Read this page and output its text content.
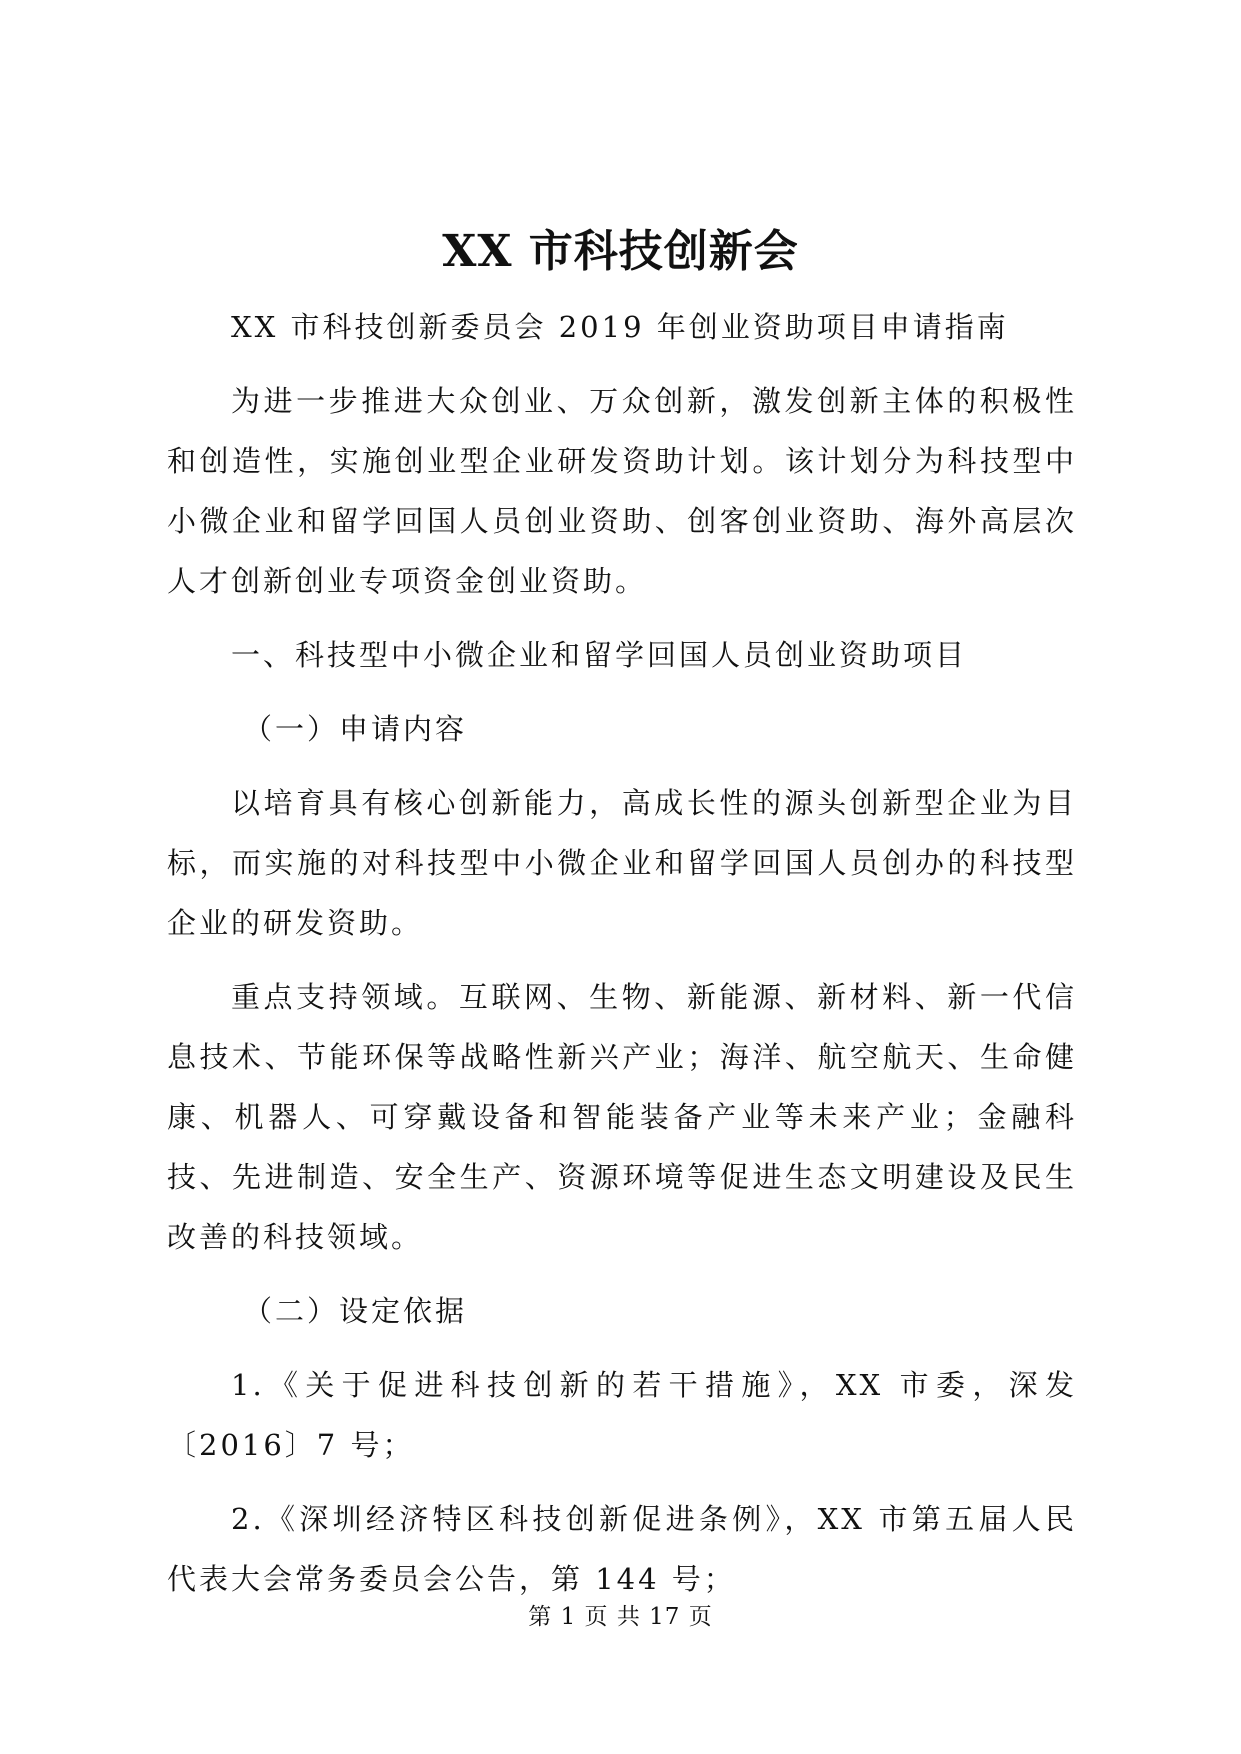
XX 市科技创新会

XX 市科技创新委员会 2019 年创业资助项目申请指南

为进一步推进大众创业、万众创新，激发创新主体的积极性和创造性，实施创业型企业研发资助计划。该计划分为科技型中小微企业和留学回国人员创业资助、创客创业资助、海外高层次人才创新创业专项资金创业资助。

一、科技型中小微企业和留学回国人员创业资助项目

（一）申请内容

以培育具有核心创新能力，高成长性的源头创新型企业为目标，而实施的对科技型中小微企业和留学回国人员创办的科技型企业的研发资助。

重点支持领域。互联网、生物、新能源、新材料、新一代信息技术、节能环保等战略性新兴产业；海洋、航空航天、生命健康、机器人、可穿戴设备和智能装备产业等未来产业；金融科技、先进制造、安全生产、资源环境等促进生态文明建设及民生改善的科技领域。

（二）设定依据

1.《关于促进科技创新的若干措施》，XX 市委，深发〔2016〕7 号；

2.《深圳经济特区科技创新促进条例》，XX 市第五届人民代表大会常务委员会公告，第 144 号；

第 1 页 共 17 页
